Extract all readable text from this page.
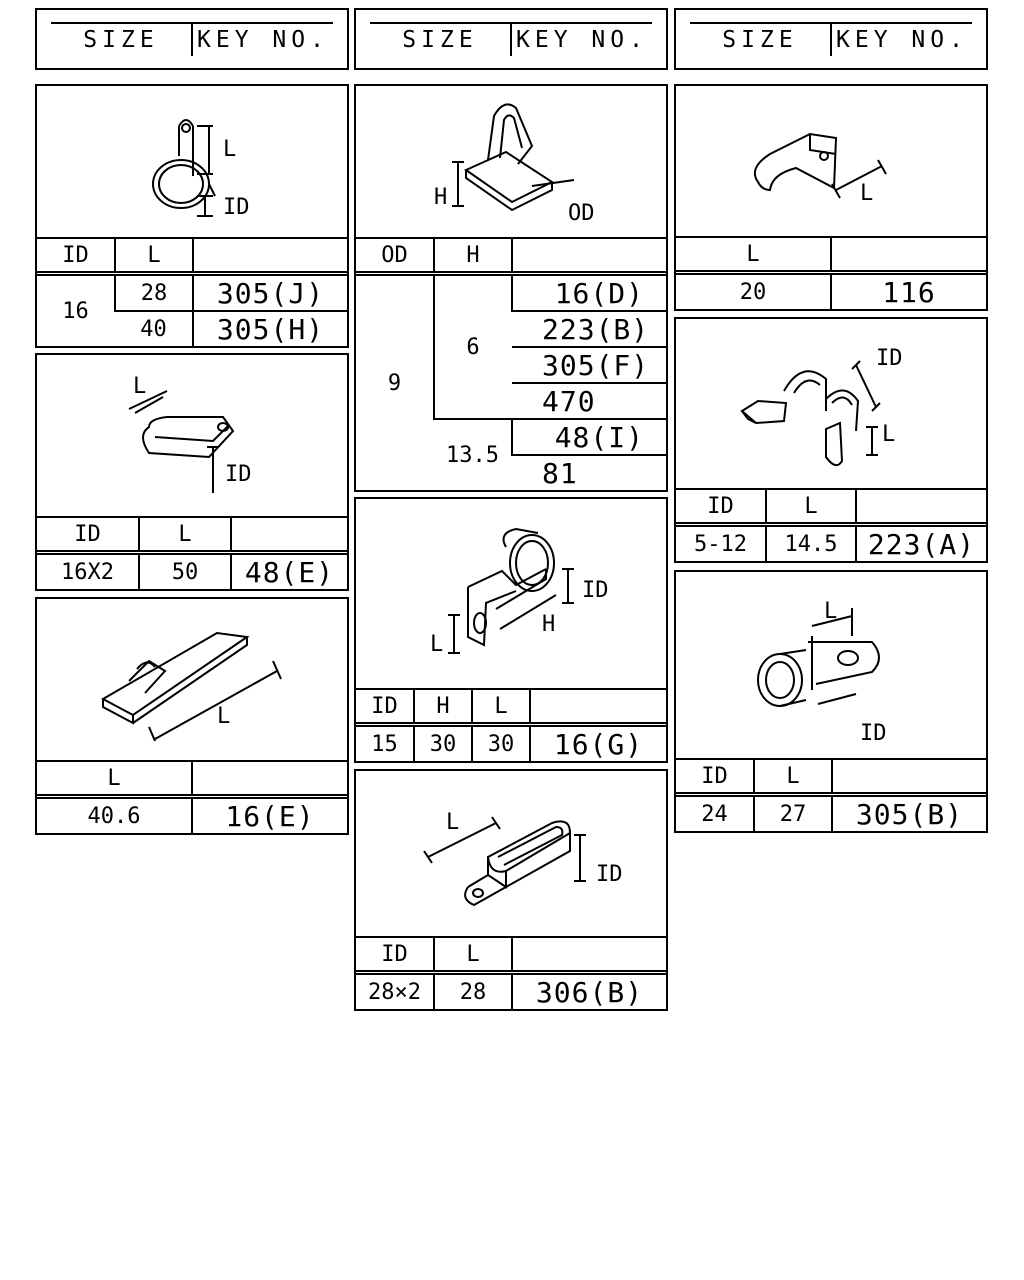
SIZE	KEY NO.	SIZE	KEY NO.	SIZE	KEY NO.
L
ID
ID	L	
16	28	305(J)
	40	305(H)
L
ID
ID	L	
16X2	50	48(E)
L
L	
40.6	16(E)
H
OD
OD	H	
9	6	16(D)
		223(B)
		305(F)
		470
	13.5	48(I)
		81
ID
H
L
ID	H	L	
15	30	30	16(G)
L
ID
ID	L	
28×2	28	306(B)
L
L	
20	116
ID
L
ID	L	
5-12	14.5	223(A)
L
ID
ID	L	
24	27	305(B)
